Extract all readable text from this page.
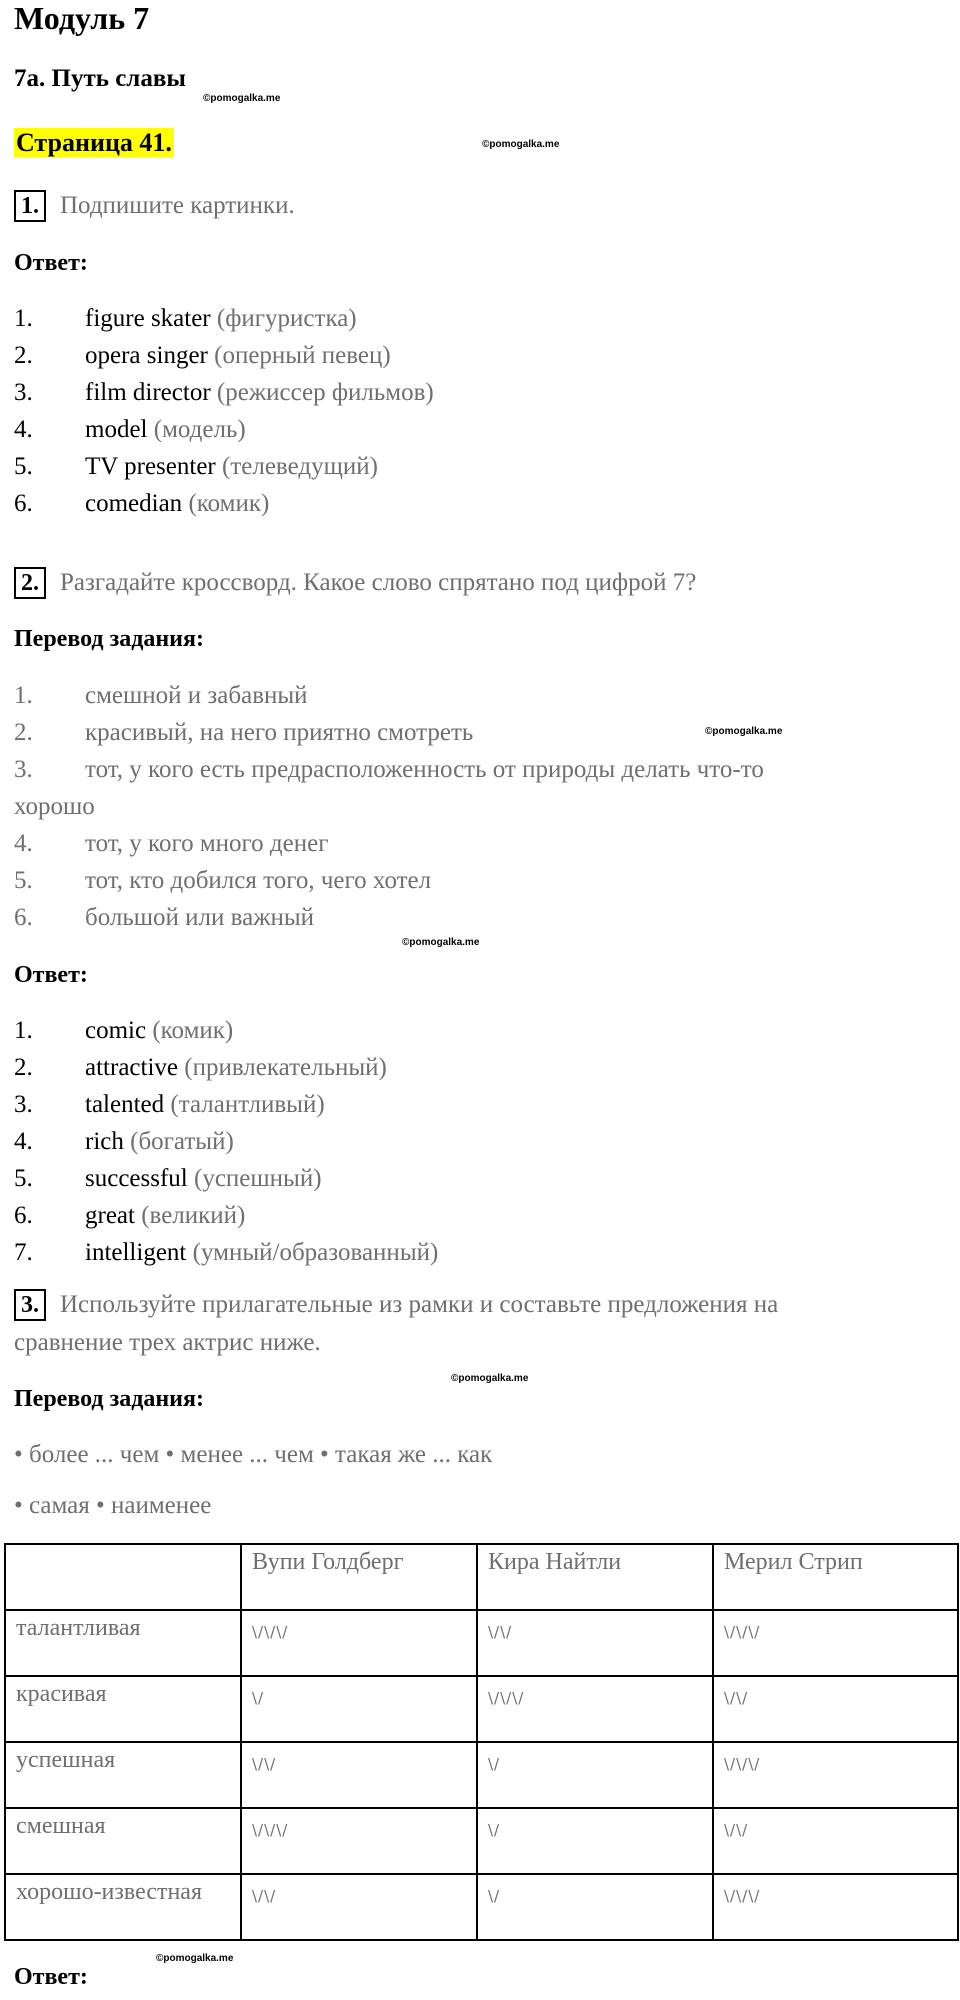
Модуль 7
7a. Путь славы
©pomogalka.me
Страница 41.	©pomogalka.me
1. Подпишите картинки.
Ответ:
1. figure skater (фигуристка)
2. opera singer (оперный певец)
3. film director (режиссер фильмов)
4. model (модель)
5. TV presenter (телеведущий)
6. comedian (комик)
2. Разгадайте кроссворд. Какое слово спрятано под цифрой 7?
Перевод задания:
1. смешной и забавный
2. красивый, на него приятно смотреть
3. тот, у кого есть предрасположенность от природы делать что-то
хорошо
4. тот, у кого много денег
5. тот, кто добился того, чего хотел
6. большой или важный
©pomogalka.me
©pomogalka.me
Ответ:
1. comic (комик)
2. attractive (привлекательный)
3. talented (талантливый)
4. rich (богатый)
5. successful (успешный)
6. great (великий)
7. intelligent (умный/образованный)
3. Используйте прилагательные из рамки и составьте предложения на
сравнение трех актрис ниже.
©pomogalka.me
Перевод задания:
• более ... чем • менее ... чем • такая же ... как
• самая • наименее
	Вупи Голдберг	Кира Найтли	Мерил Стрип
талантливая	\/\/\/	\/\/	\/\/\/
красивая	\/	\/\/\/	\/\/
успешная	\/\/	\/	\/\/\/
смешная	\/\/\/	\/	\/\/
хорошо-известная	\/\/	\/	\/\/\/
©pomogalka.me
Ответ:
